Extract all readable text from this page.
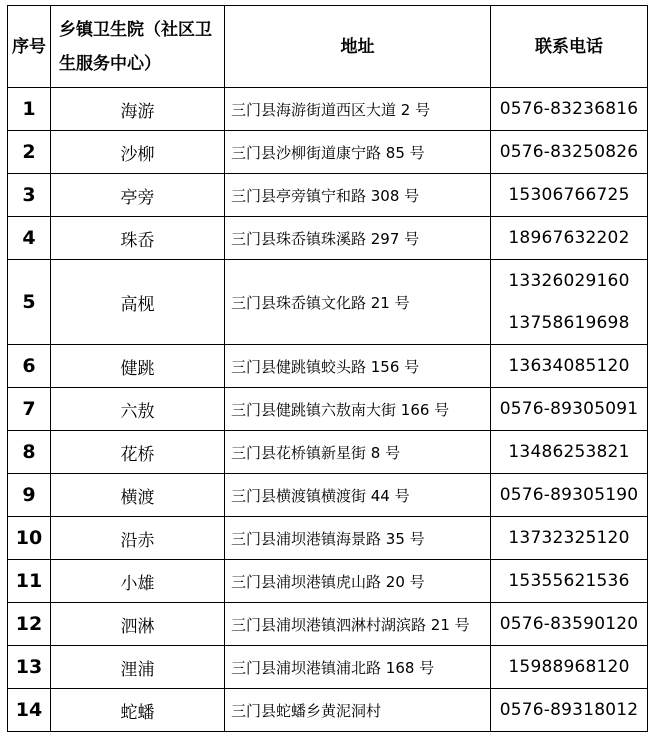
序号	乡镇卫生院（社区卫生服务中心）	地址	联系电话
1	海游	三门县海游街道西区大道 2 号	0576-83236816

2	沙柳	三门县沙柳街道康宁路 85 号	0576-83250826

3	亭旁	三门县亭旁镇宁和路 308 号	15306766725

4	珠岙	三门县珠岙镇珠溪路 297 号	18967632202

5	高枧	三门县珠岙镇文化路 21 号	13326029160
13758619698

6	健跳	三门县健跳镇蛟头路 156 号	13634085120

7	六敖	三门县健跳镇六敖南大街 166 号	0576-89305091

8	花桥	三门县花桥镇新星街 8 号	13486253821

9	横渡	三门县横渡镇横渡街 44 号	0576-89305190

10	沿赤	三门县浦坝港镇海景路 35 号	13732325120

11	小雄	三门县浦坝港镇虎山路 20 号	15355621536

12	泗淋	三门县浦坝港镇泗淋村湖滨路 21 号	0576-83590120

13	浬浦	三门县浦坝港镇浦北路 168 号	15988968120

14	蛇蟠	三门县蛇蟠乡黄泥洞村	0576-89318012
